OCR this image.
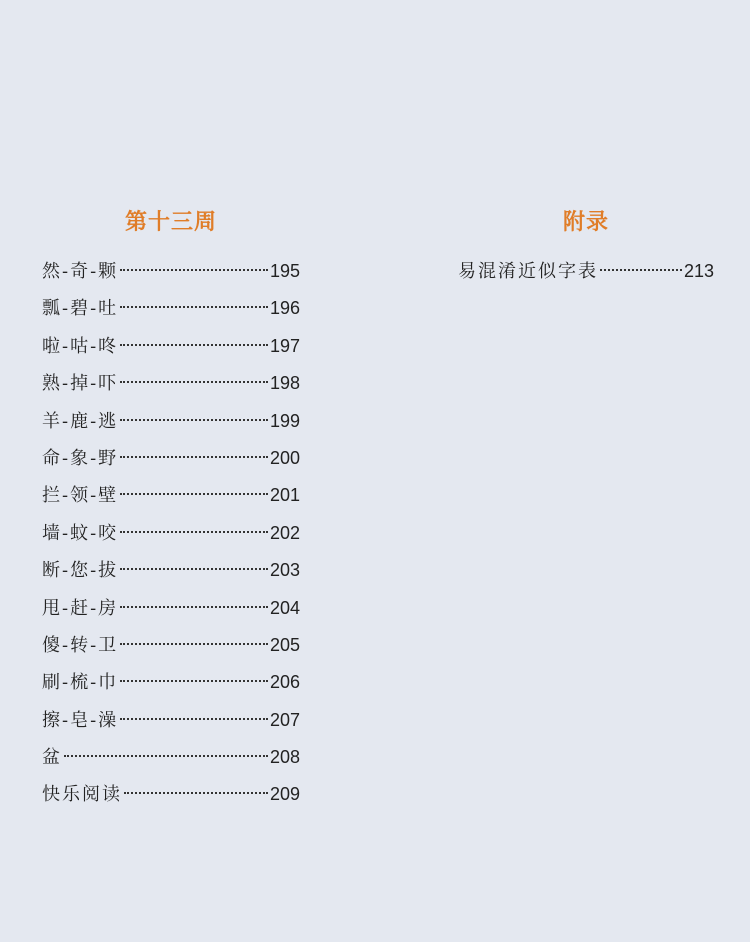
第十三周
然-奇-颗	195
瓢-碧-吐	196
啦-咕-咚	197
熟-掉-吓	198
羊-鹿-逃	199
命-象-野	200
拦-领-壁	201
墙-蚊-咬	202
断-您-拔	203
甩-赶-房	204
傻-转-卫	205
刷-梳-巾	206
擦-皂-澡	207
盆	208
快乐阅读	209
附录
易混淆近似字表	213
